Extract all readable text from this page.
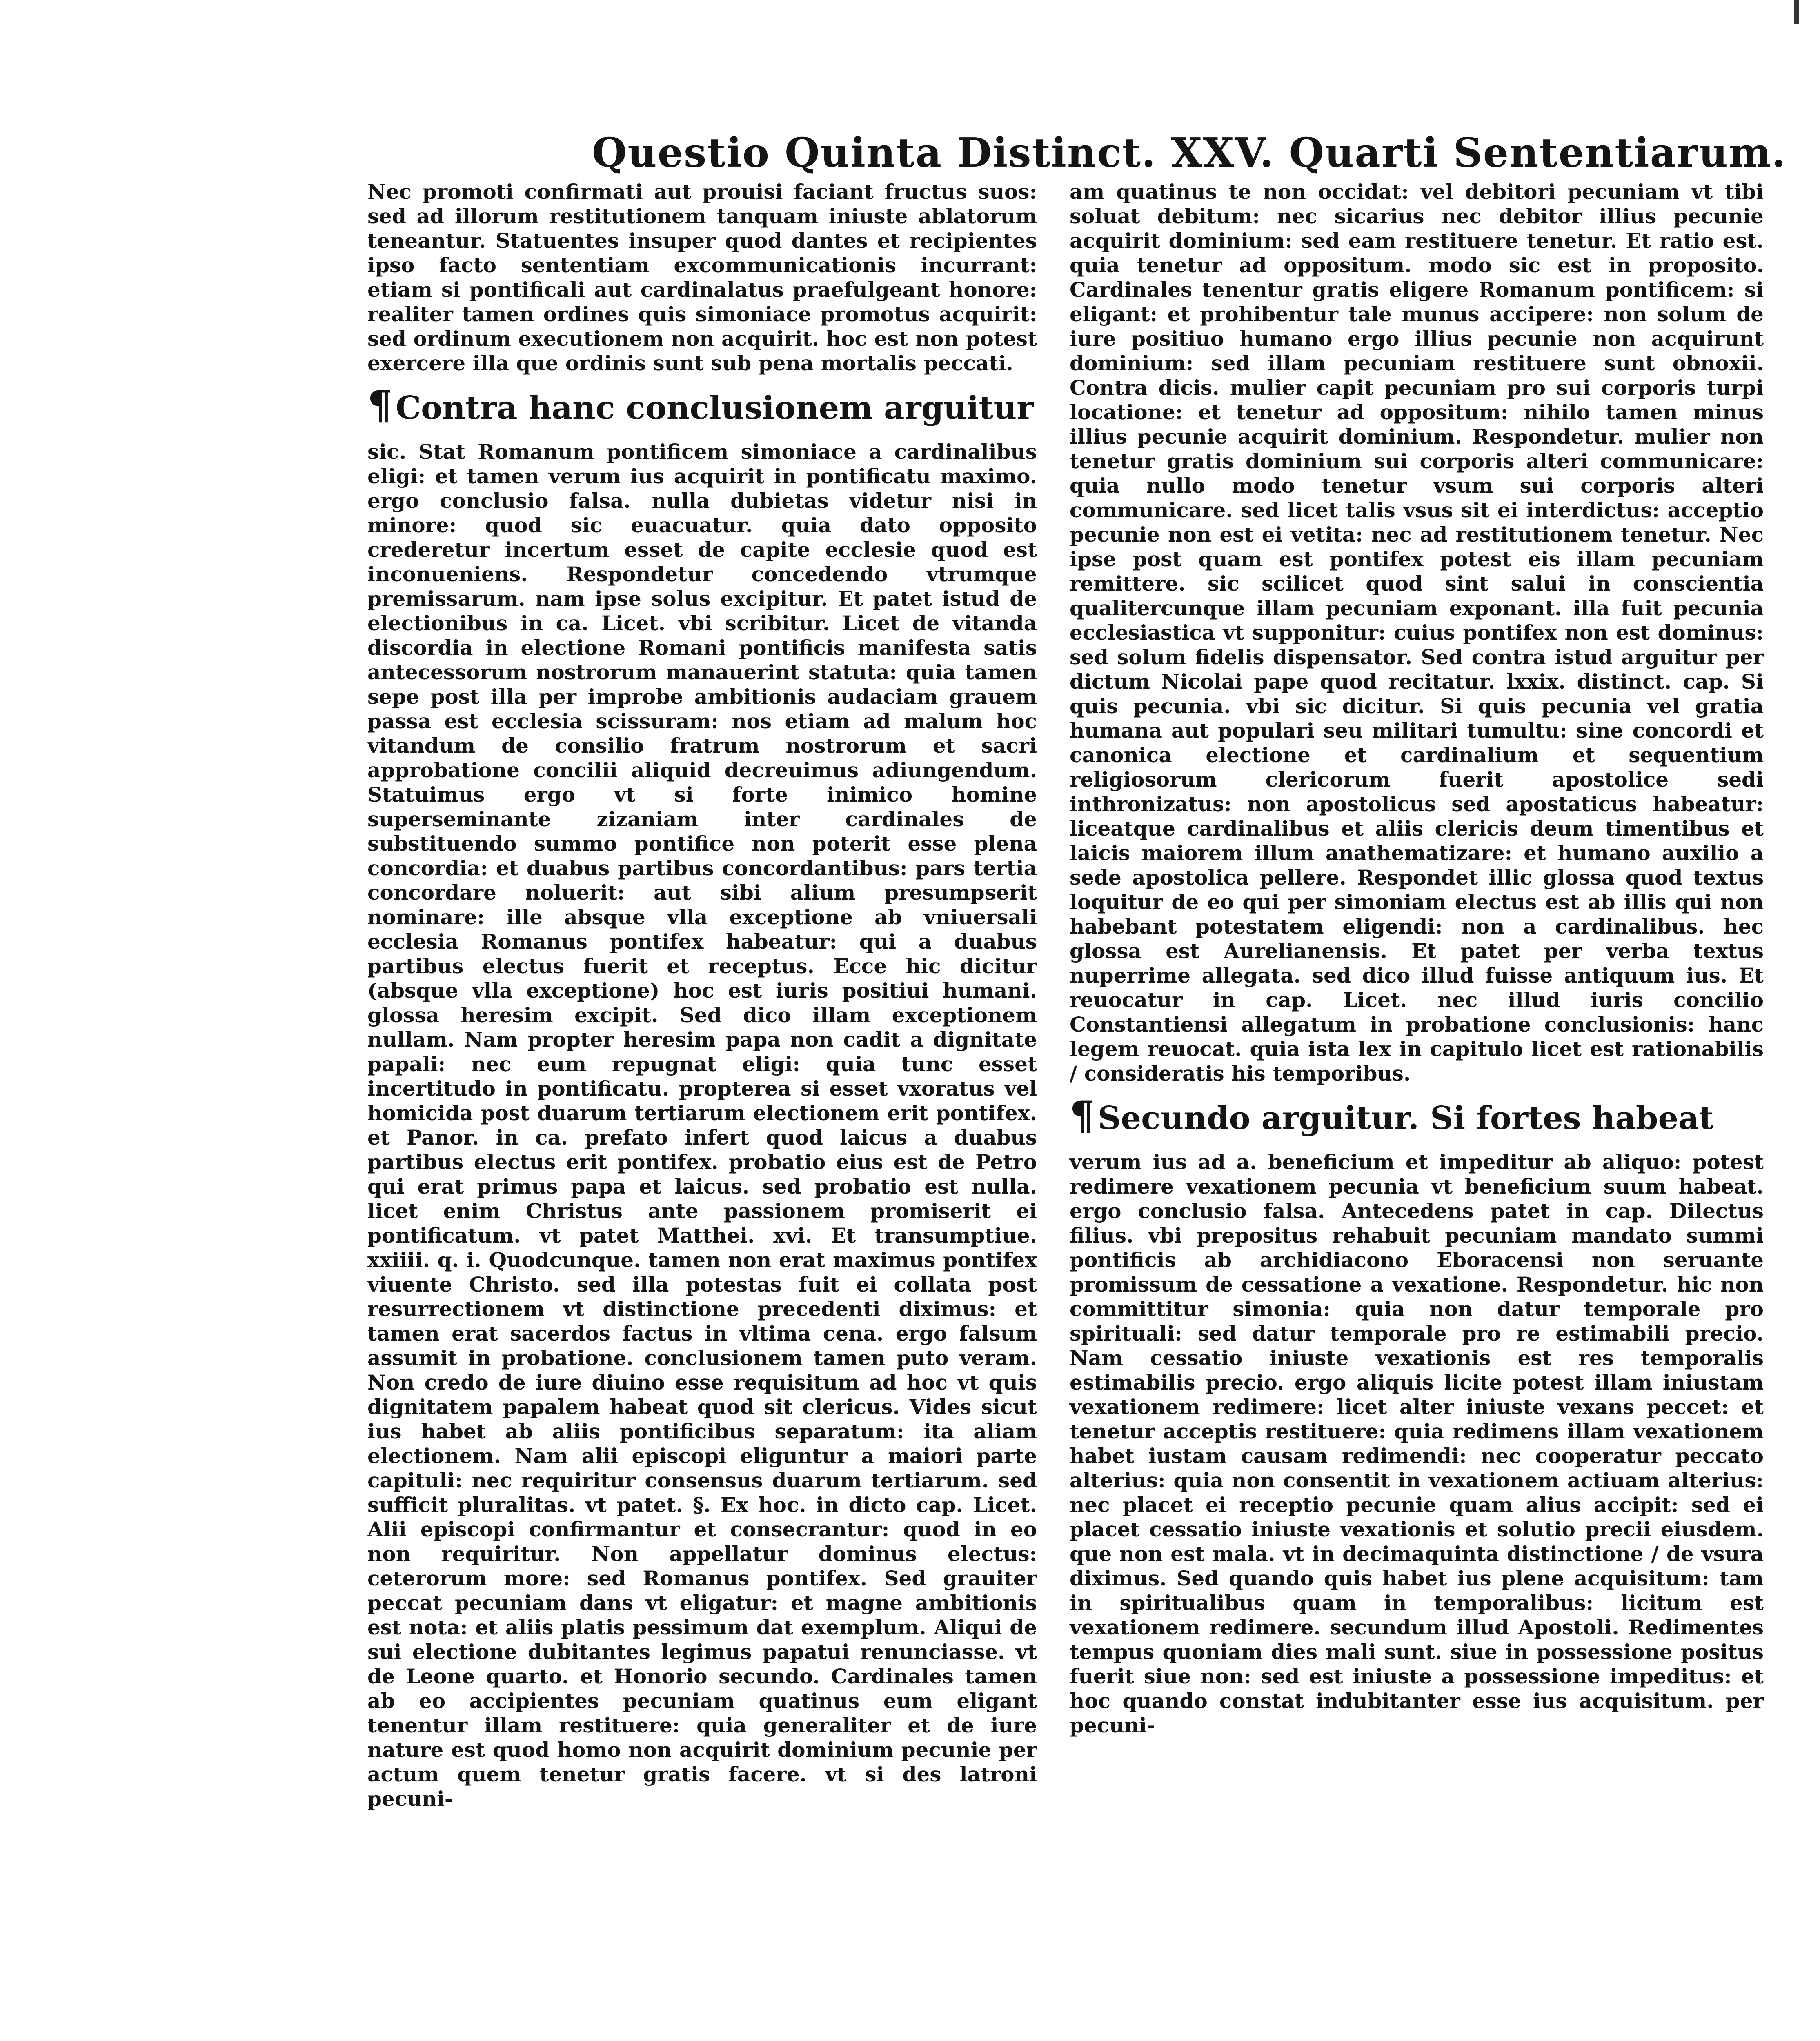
Questio Quinta Distinct. XXV. Quarti Sententiarum.

Nec promoti confirmati aut prouisi faciant fructus suos: sed ad illorum restitutionem tanquam iniuste ablatorum teneantur. Statuentes insuper quod dantes et recipientes ipso facto sententiam excommunicationis incurrant: etiam si pontificali aut cardinalatus praefulgeant honore: realiter tamen ordines quis simoniace promotus acquirit: sed ordinum executionem non acquirit. hoc est non potest exercere illa que ordinis sunt sub pena mortalis peccati.

¶ Contra hanc conclusionem arguitur

sic. Stat Romanum pontificem simoniace a cardinalibus eligi: et tamen verum ius acquirit in pontificatu maximo. ergo conclusio falsa. nulla dubietas videtur nisi in minore: quod sic euacuatur. quia dato opposito crederetur incertum esset de capite ecclesie quod est inconueniens. Respondetur concedendo vtrumque premissarum. nam ipse solus excipitur. Et patet istud de electionibus in ca. Licet. vbi scribitur. Licet de vitanda discordia in electione Romani pontificis manifesta satis antecessorum nostrorum manauerint statuta: quia tamen sepe post illa per improbe ambitionis audaciam grauem passa est ecclesia scissuram: nos etiam ad malum hoc vitandum de consilio fratrum nostrorum et sacri approbatione concilii aliquid decreuimus adiungendum. Statuimus ergo vt si forte inimico homine superseminante zizaniam inter cardinales de substituendo summo pontifice non poterit esse plena concordia: et duabus partibus concordantibus: pars tertia concordare noluerit: aut sibi alium presumpserit nominare: ille absque vlla exceptione ab vniuersali ecclesia Romanus pontifex habeatur: qui a duabus partibus electus fuerit et receptus. Ecce hic dicitur (absque vlla exceptione) hoc est iuris positiui humani. glossa heresim excipit. Sed dico illam exceptionem nullam. Nam propter heresim papa non cadit a dignitate papali: nec eum repugnat eligi: quia tunc esset incertitudo in pontificatu. propterea si esset vxoratus vel homicida post duarum tertiarum electionem erit pontifex. et Panor. in ca. prefato infert quod laicus a duabus partibus electus erit pontifex. probatio eius est de Petro qui erat primus papa et laicus. sed probatio est nulla. licet enim Christus ante passionem promiserit ei pontificatum. vt patet Matthei. xvi. Et transumptiue. xxiiii. q. i. Quodcunque. tamen non erat maximus pontifex viuente Christo. sed illa potestas fuit ei collata post resurrectionem vt distinctione precedenti diximus: et tamen erat sacerdos factus in vltima cena. ergo falsum assumit in probatione. conclusionem tamen puto veram. Non credo de iure diuino esse requisitum ad hoc vt quis dignitatem papalem habeat quod sit clericus. Vides sicut ius habet ab aliis pontificibus separatum: ita aliam electionem. Nam alii episcopi eliguntur a maiori parte capituli: nec requiritur consensus duarum tertiarum. sed sufficit pluralitas. vt patet. §. Ex hoc. in dicto cap. Licet. Alii episcopi confirmantur et consecrantur: quod in eo non requiritur. Non appellatur dominus electus: ceterorum more: sed Romanus pontifex. Sed grauiter peccat pecuniam dans vt eligatur: et magne ambitionis est nota: et aliis platis pessimum dat exemplum. Aliqui de sui electione dubitantes legimus papatui renunciasse. vt de Leone quarto. et Honorio secundo. Cardinales tamen ab eo accipientes pecuniam quatinus eum eligant tenentur illam restituere: quia generaliter et de iure nature est quod homo non acquirit dominium pecunie per actum quem tenetur gratis facere. vt si des latroni pecuni-

am quatinus te non occidat: vel debitori pecuniam vt tibi soluat debitum: nec sicarius nec debitor illius pecunie acquirit dominium: sed eam restituere tenetur. Et ratio est. quia tenetur ad oppositum. modo sic est in proposito. Cardinales tenentur gratis eligere Romanum pontificem: si eligant: et prohibentur tale munus accipere: non solum de iure positiuo humano ergo illius pecunie non acquirunt dominium: sed illam pecuniam restituere sunt obnoxii. Contra dicis. mulier capit pecuniam pro sui corporis turpi locatione: et tenetur ad oppositum: nihilo tamen minus illius pecunie acquirit dominium. Respondetur. mulier non tenetur gratis dominium sui corporis alteri communicare: quia nullo modo tenetur vsum sui corporis alteri communicare. sed licet talis vsus sit ei interdictus: acceptio pecunie non est ei vetita: nec ad restitutionem tenetur. Nec ipse post quam est pontifex potest eis illam pecuniam remittere. sic scilicet quod sint salui in conscientia qualitercunque illam pecuniam exponant. illa fuit pecunia ecclesiastica vt supponitur: cuius pontifex non est dominus: sed solum fidelis dispensator. Sed contra istud arguitur per dictum Nicolai pape quod recitatur. lxxix. distinct. cap. Si quis pecunia. vbi sic dicitur. Si quis pecunia vel gratia humana aut populari seu militari tumultu: sine concordi et canonica electione et cardinalium et sequentium religiosorum clericorum fuerit apostolice sedi inthronizatus: non apostolicus sed apostaticus habeatur: liceatque cardinalibus et aliis clericis deum timentibus et laicis maiorem illum anathematizare: et humano auxilio a sede apostolica pellere. Respondet illic glossa quod textus loquitur de eo qui per simoniam electus est ab illis qui non habebant potestatem eligendi: non a cardinalibus. hec glossa est Aurelianensis. Et patet per verba textus nuperrime allegata. sed dico illud fuisse antiquum ius. Et reuocatur in cap. Licet. nec illud iuris concilio Constantiensi allegatum in probatione conclusionis: hanc legem reuocat. quia ista lex in capitulo licet est rationabilis / consideratis his temporibus.

¶ Secundo arguitur. Si fortes habeat

verum ius ad a. beneficium et impeditur ab aliquo: potest redimere vexationem pecunia vt beneficium suum habeat. ergo conclusio falsa. Antecedens patet in cap. Dilectus filius. vbi prepositus rehabuit pecuniam mandato summi pontificis ab archidiacono Eboracensi non seruante promissum de cessatione a vexatione. Respondetur. hic non committitur simonia: quia non datur temporale pro spirituali: sed datur temporale pro re estimabili precio. Nam cessatio iniuste vexationis est res temporalis estimabilis precio. ergo aliquis licite potest illam iniustam vexationem redimere: licet alter iniuste vexans peccet: et tenetur acceptis restituere: quia redimens illam vexationem habet iustam causam redimendi: nec cooperatur peccato alterius: quia non consentit in vexationem actiuam alterius: nec placet ei receptio pecunie quam alius accipit: sed ei placet cessatio iniuste vexationis et solutio precii eiusdem. que non est mala. vt in decimaquinta distinctione / de vsura diximus. Sed quando quis habet ius plene acquisitum: tam in spiritualibus quam in temporalibus: licitum est vexationem redimere. secundum illud Apostoli. Redimentes tempus quoniam dies mali sunt. siue in possessione positus fuerit siue non: sed est iniuste a possessione impeditus: et hoc quando constat indubitanter esse ius acquisitum. per pecuni-
